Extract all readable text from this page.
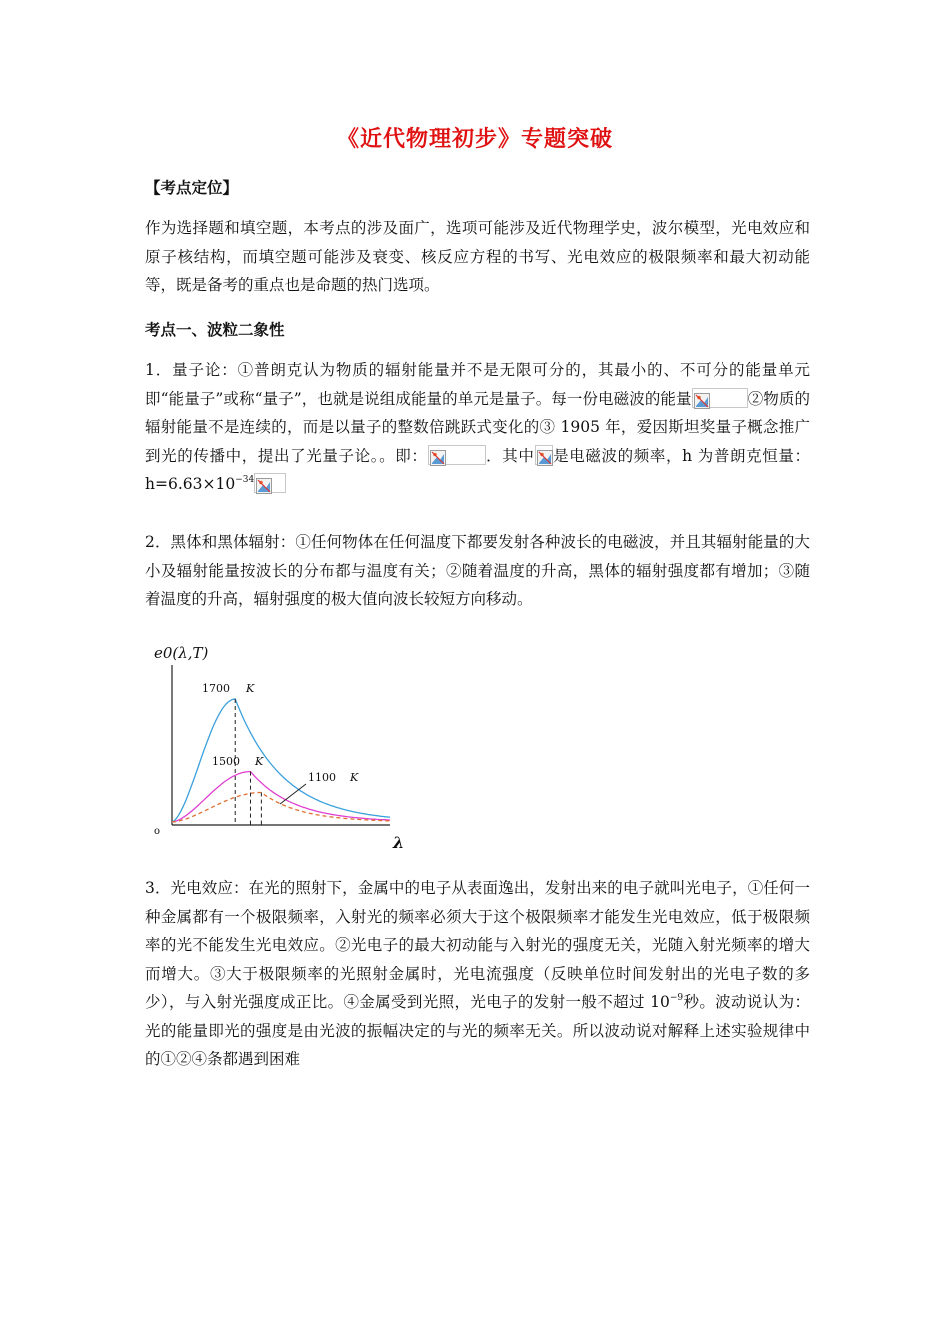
《近代物理初步》专题突破
【考点定位】
作为选择题和填空题，本考点的涉及面广，选项可能涉及近代物理学史，波尔模型，光电效应和原子核结构，而填空题可能涉及衰变、核反应方程的书写、光电效应的极限频率和最大初动能等，既是备考的重点也是命题的热门选项。
考点一、波粒二象性
1．量子论：①普朗克认为物质的辐射能量并不是无限可分的，其最小的、不可分的能量单元即“能量子”或称“量子”，也就是说组成能量的单元是量子。每一份电磁波的能量	②物质的辐射能量不是连续的，而是以量子的整数倍跳跃式变化的③ 1905 年，爱因斯坦奖量子概念推广到光的传播中，提出了光量子论。。即：	．其中 是电磁波的频率，h 为普朗克恒量：$h=6.63\times 10^{-34}$
2．黑体和黑体辐射：①任何物体在任何温度下都要发射各种波长的电磁波，并且其辐射能量的大小及辐射能量按波长的分布都与温度有关；②随着温度的升高，黑体的辐射强度都有增加；③随着温度的升高，辐射强度的极大值向波长较短方向移动。
e0(λ,T)
λ
o
1700 K
1500 K
1100 K
3．光电效应：在光的照射下，金属中的电子从表面逸出，发射出来的电子就叫光电子，①任何一种金属都有一个极限频率，入射光的频率必须大于这个极限频率才能发生光电效应，低于极限频率的光不能发生光电效应。②光电子的最大初动能与入射光的强度无关，光随入射光频率的增大而增大。③大于极限频率的光照射金属时，光电流强度（反映单位时间发射出的光电子数的多少），与入射光强度成正比。④金属受到光照，光电子的发射一般不超过 $10^{-9}$秒。波动说认为：光的能量即光的强度是由光波的振幅决定的与光的频率无关。所以波动说对解释上述实验规律中的①②④条都遇到困难
